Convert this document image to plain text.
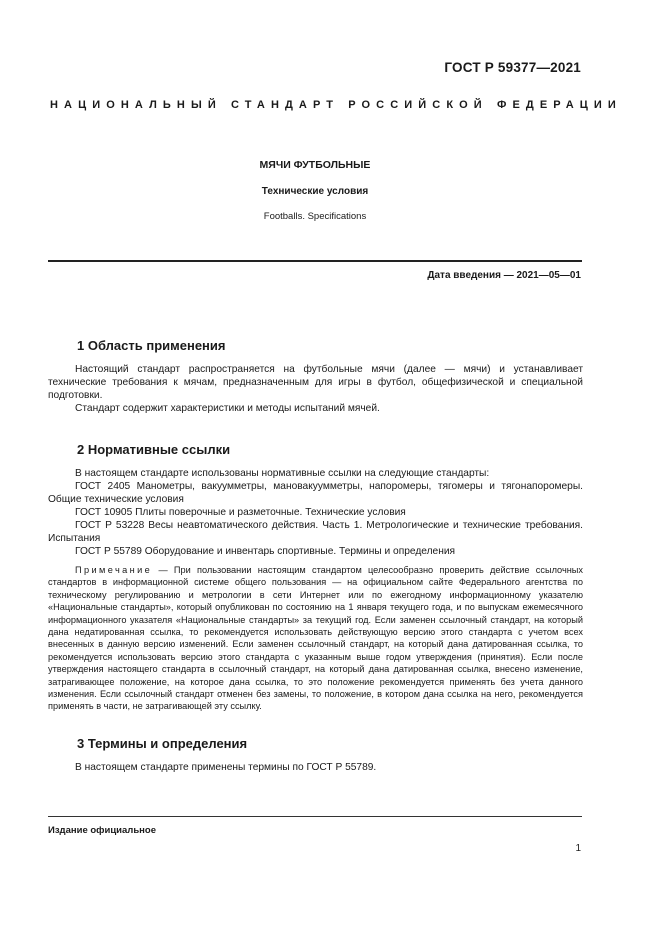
ГОСТ Р 59377—2021
НАЦИОНАЛЬНЫЙ СТАНДАРТ РОССИЙСКОЙ ФЕДЕРАЦИИ
МЯЧИ ФУТБОЛЬНЫЕ
Технические условия
Footballs. Specifications
Дата введения — 2021—05—01
1 Область применения

Настоящий стандарт распространяется на футбольные мячи (далее — мячи) и устанавливает технические требования к мячам, предназначенным для игры в футбол, общефизической и специальной подготовки.

Стандарт содержит характеристики и методы испытаний мячей.

2 Нормативные ссылки

В настоящем стандарте использованы нормативные ссылки на следующие стандарты:

ГОСТ 2405 Манометры, вакуумметры, мановакуумметры, напоромеры, тягомеры и тягонапоромеры. Общие технические условия

ГОСТ 10905 Плиты поверочные и разметочные. Технические условия

ГОСТ Р 53228 Весы неавтоматического действия. Часть 1. Метрологические и технические требования. Испытания

ГОСТ Р 55789 Оборудование и инвентарь спортивные. Термины и определения

Примечание — При пользовании настоящим стандартом целесообразно проверить действие ссылочных стандартов в информационной системе общего пользования — на официальном сайте Федерального агентства по техническому регулированию и метрологии в сети Интернет или по ежегодному информационному указателю «Национальные стандарты», который опубликован по состоянию на 1 января текущего года, и по выпускам ежемесячного информационного указателя «Национальные стандарты» за текущий год. Если заменен ссылочный стандарт, на который дана недатированная ссылка, то рекомендуется использовать действующую версию этого стандарта с учетом всех внесенных в данную версию изменений. Если заменен ссылочный стандарт, на который дана датированная ссылка, то рекомендуется использовать версию этого стандарта с указанным выше годом утверждения (принятия). Если после утверждения настоящего стандарта в ссылочный стандарт, на который дана датированная ссылка, внесено изменение, затрагивающее положение, на которое дана ссылка, то это положение рекомендуется применять без учета данного изменения. Если ссылочный стандарт отменен без замены, то положение, в котором дана ссылка на него, рекомендуется применять в части, не затрагивающей эту ссылку.

3 Термины и определения

В настоящем стандарте применены термины по ГОСТ Р 55789.

Издание официальное
1
